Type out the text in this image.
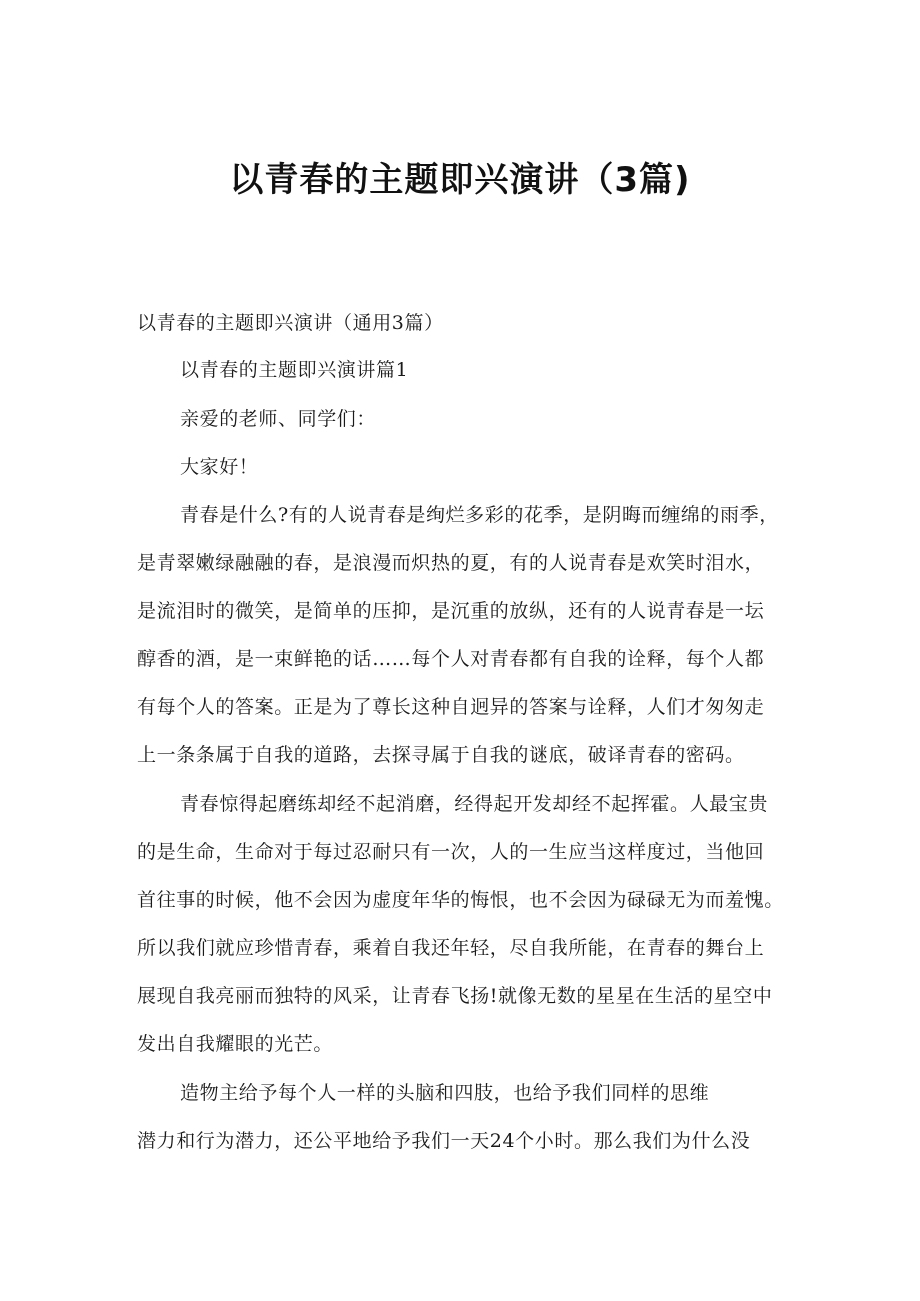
以青春的主题即兴演讲（3篇)

以青春的主题即兴演讲（通用3篇）

以青春的主题即兴演讲篇1

亲爱的老师、同学们：

大家好！

青春是什么?有的人说青春是绚烂多彩的花季，是阴晦而缠绵的雨季，

是青翠嫩绿融融的春，是浪漫而炽热的夏，有的人说青春是欢笑时泪水，

是流泪时的微笑，是简单的压抑，是沉重的放纵，还有的人说青春是一坛

醇香的酒，是一束鲜艳的话……每个人对青春都有自我的诠释，每个人都

有每个人的答案。正是为了尊长这种自迥异的答案与诠释，人们才匆匆走

上一条条属于自我的道路，去探寻属于自我的谜底，破译青春的密码。

青春惊得起磨练却经不起消磨，经得起开发却经不起挥霍。人最宝贵

的是生命，生命对于每过忍耐只有一次，人的一生应当这样度过，当他回

首往事的时候，他不会因为虚度年华的悔恨，也不会因为碌碌无为而羞愧。

所以我们就应珍惜青春，乘着自我还年轻，尽自我所能，在青春的舞台上

展现自我亮丽而独特的风采，让青春飞扬!就像无数的星星在生活的星空中

发出自我耀眼的光芒。

造物主给予每个人一样的头脑和四肢，也给予我们同样的思维

潜力和行为潜力，还公平地给予我们一天24个小时。那么我们为什么没
